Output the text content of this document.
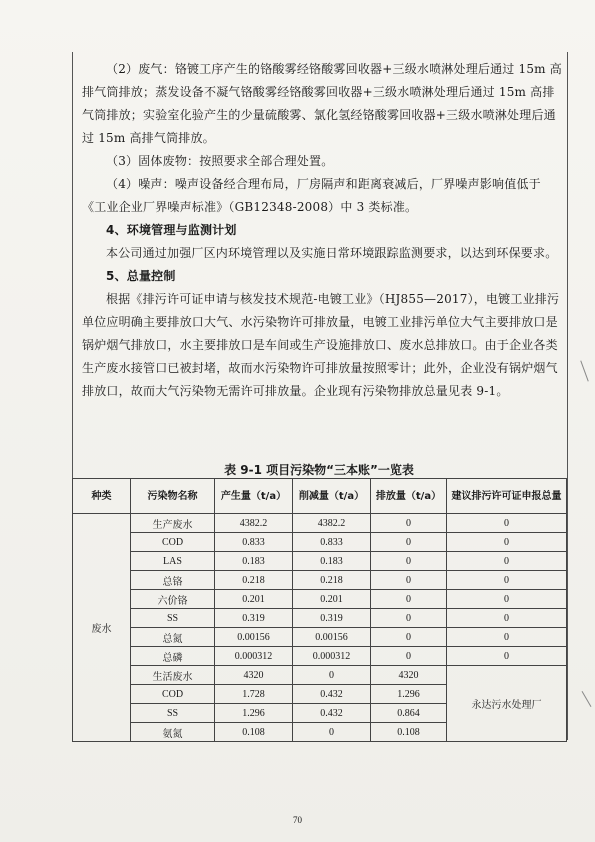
（2）废气：铬镀工序产生的铬酸雾经铬酸雾回收器+三级水喷淋处理后通过 15m 高排气筒排放；蒸发设备不凝气铬酸雾经铬酸雾回收器+三级水喷淋处理后通过 15m 高排气筒排放；实验室化验产生的少量硫酸雾、氯化氢经铬酸雾回收器+三级水喷淋处理后通过 15m 高排气筒排放。

（3）固体废物：按照要求全部合理处置。

（4）噪声：噪声设备经合理布局，厂房隔声和距离衰减后，厂界噪声影响值低于《工业企业厂界噪声标准》（GB12348-2008）中 3 类标准。

4、环境管理与监测计划

本公司通过加强厂区内环境管理以及实施日常环境跟踪监测要求，以达到环保要求。

5、总量控制

根据《排污许可证申请与核发技术规范-电镀工业》（HJ855—2017），电镀工业排污单位应明确主要排放口大气、水污染物许可排放量，电镀工业排污单位大气主要排放口是锅炉烟气排放口，水主要排放口是车间或生产设施排放口、废水总排放口。由于企业各类生产废水接管口已被封堵，故而水污染物许可排放量按照零计；此外，企业没有锅炉烟气排放口，故而大气污染物无需许可排放量。企业现有污染物排放总量见表 9-1。

表 9-1 项目污染物“三本账”一览表
种类	污染物名称	产生量（t/a）	削减量（t/a）	排放量（t/a）	建议排污许可证申报总量
废水	生产废水	4382.2	4382.2	0	0
	COD	0.833	0.833	0	0
	LAS	0.183	0.183	0	0
	总铬	0.218	0.218	0	0
	六价铬	0.201	0.201	0	0
	SS	0.319	0.319	0	0
	总氮	0.00156	0.00156	0	0
	总磷	0.000312	0.000312	0	0
	生活废水	4320	0	4320	永达污水处理厂
	COD	1.728	0.432	1.296	
	SS	1.296	0.432	0.864	
	氨氮	0.108	0	0.108	
70
